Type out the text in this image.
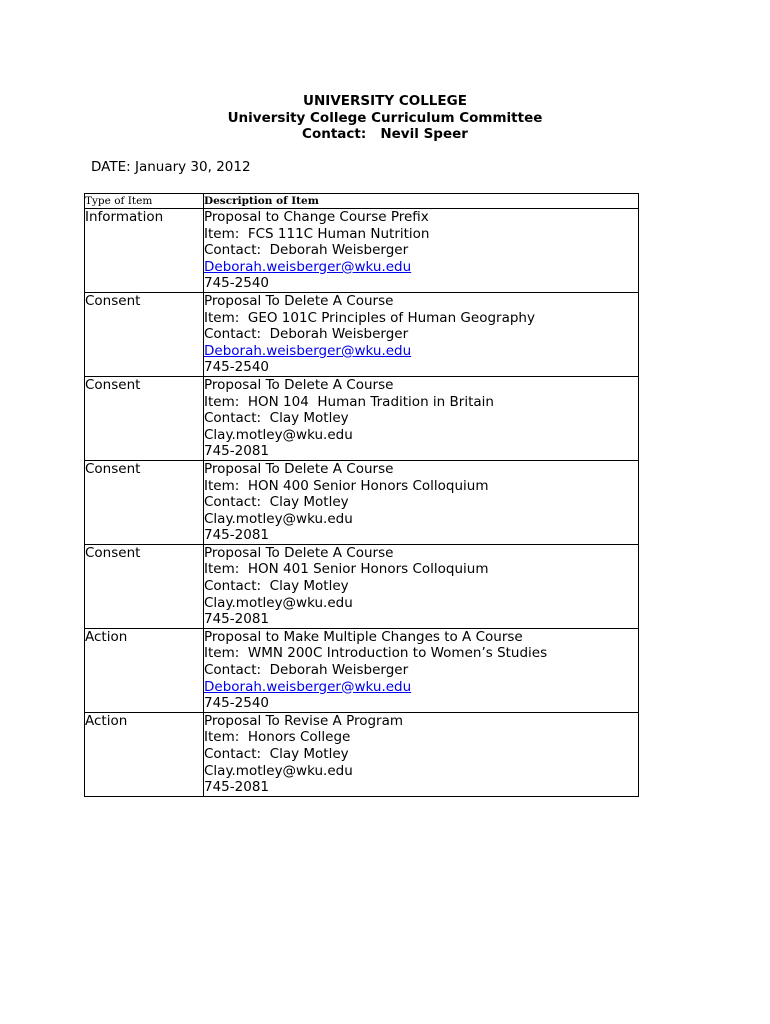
UNIVERSITY COLLEGE
University College Curriculum Committee
Contact:   Nevil Speer
DATE: January 30, 2012
Type of Item	Description of Item
Information	Proposal to Change Course Prefix
Item:  FCS 111C Human Nutrition
Contact:  Deborah Weisberger
Deborah.weisberger@wku.edu
745-2540

Consent	Proposal To Delete A Course
Item:  GEO 101C Principles of Human Geography
Contact:  Deborah Weisberger
Deborah.weisberger@wku.edu
745-2540

Consent	Proposal To Delete A Course
Item:  HON 104  Human Tradition in Britain
Contact:  Clay Motley
Clay.motley@wku.edu
745-2081

Consent	Proposal To Delete A Course
Item:  HON 400 Senior Honors Colloquium
Contact:  Clay Motley
Clay.motley@wku.edu
745-2081

Consent	Proposal To Delete A Course
Item:  HON 401 Senior Honors Colloquium
Contact:  Clay Motley
Clay.motley@wku.edu
745-2081

Action	Proposal to Make Multiple Changes to A Course
Item:  WMN 200C Introduction to Women’s Studies
Contact:  Deborah Weisberger
Deborah.weisberger@wku.edu
745-2540

Action	Proposal To Revise A Program
Item:  Honors College
Contact:  Clay Motley
Clay.motley@wku.edu
745-2081
